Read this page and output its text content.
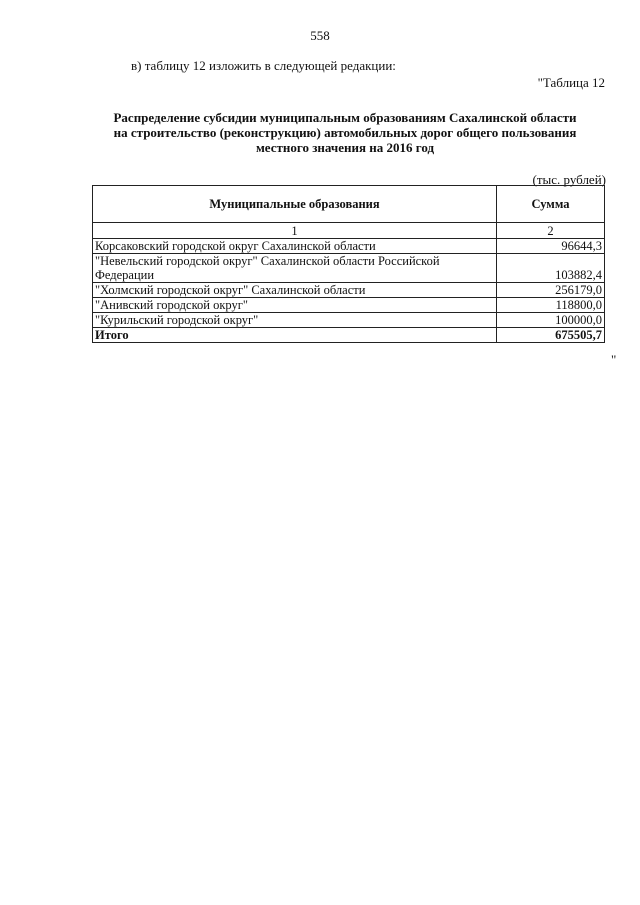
558
в) таблицу 12 изложить в следующей редакции:
"Таблица 12
Распределение субсидии муниципальным образованиям Сахалинской области
на строительство (реконструкцию) автомобильных дорог общего пользования
местного значения на 2016 год
(тыс. рублей)
Муниципальные образования	Сумма
1	2
Корсаковский городской округ Сахалинской области	96644,3
"Невельский городской округ" Сахалинской области Российской Федерации	103882,4
"Холмский городской округ" Сахалинской области	256179,0
"Анивский городской округ"	118800,0
"Курильский городской округ"	100000,0
Итого	675505,7
"
